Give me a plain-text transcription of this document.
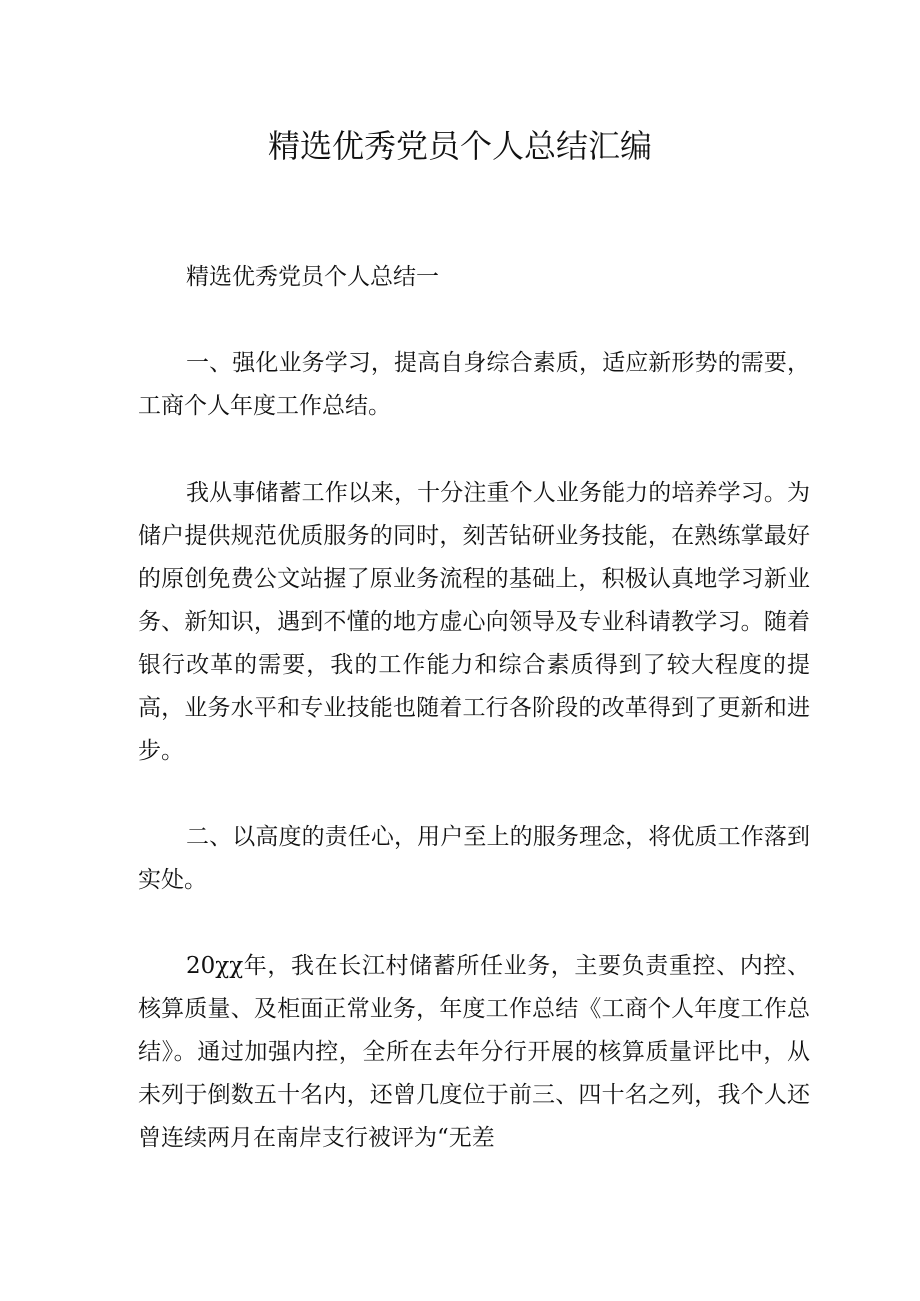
精选优秀党员个人总结汇编

精选优秀党员个人总结一

一、强化业务学习，提高自身综合素质，适应新形势的需要，工商个人年度工作总结。

我从事储蓄工作以来，十分注重个人业务能力的培养学习。为储户提供规范优质服务的同时，刻苦钻研业务技能，在熟练掌最好的原创免费公文站握了原业务流程的基础上，积极认真地学习新业务、新知识，遇到不懂的地方虚心向领导及专业科请教学习。随着银行改革的需要，我的工作能力和综合素质得到了较大程度的提高，业务水平和专业技能也随着工行各阶段的改革得到了更新和进步。

二、以高度的责任心，用户至上的服务理念，将优质工作落到实处。

20χχ年，我在长江村储蓄所任业务，主要负责重控、内控、核算质量、及柜面正常业务，年度工作总结《工商个人年度工作总结》。通过加强内控，全所在去年分行开展的核算质量评比中，从未列于倒数五十名内，还曾几度位于前三、四十名之列，我个人还曾连续两月在南岸支行被评为“无差
